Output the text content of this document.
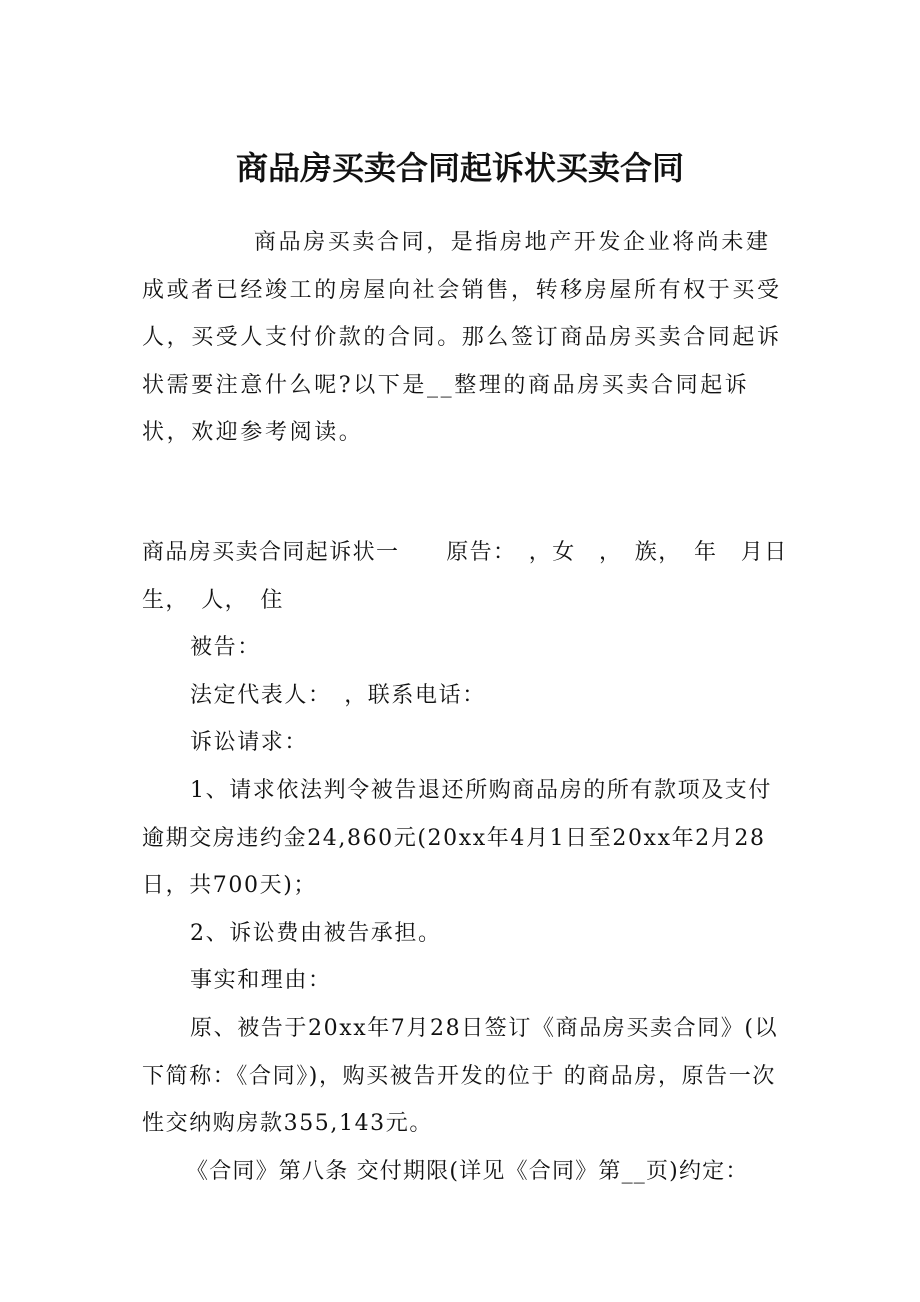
商品房买卖合同起诉状买卖合同

商品房买卖合同，是指房地产开发企业将尚未建成或者已经竣工的房屋向社会销售，转移房屋所有权于买受人，买受人支付价款的合同。那么签订商品房买卖合同起诉状需要注意什么呢?以下是__整理的商品房买卖合同起诉状，欢迎参考阅读。

商品房买卖合同起诉状一　　原告：　，女　，　族，　年　月日生，　人，　住

被告：

法定代表人：　，联系电话：

诉讼请求：

1、请求依法判令被告退还所购商品房的所有款项及支付逾期交房违约金24,860元(20xx年4月1日至20xx年2月28日，共700天)；

2、诉讼费由被告承担。

事实和理由：

原、被告于20xx年7月28日签订《商品房买卖合同》(以下简称：《合同》)，购买被告开发的位于 的商品房，原告一次性交纳购房款355,143元。

《合同》第八条 交付期限(详见《合同》第__页)约定：
